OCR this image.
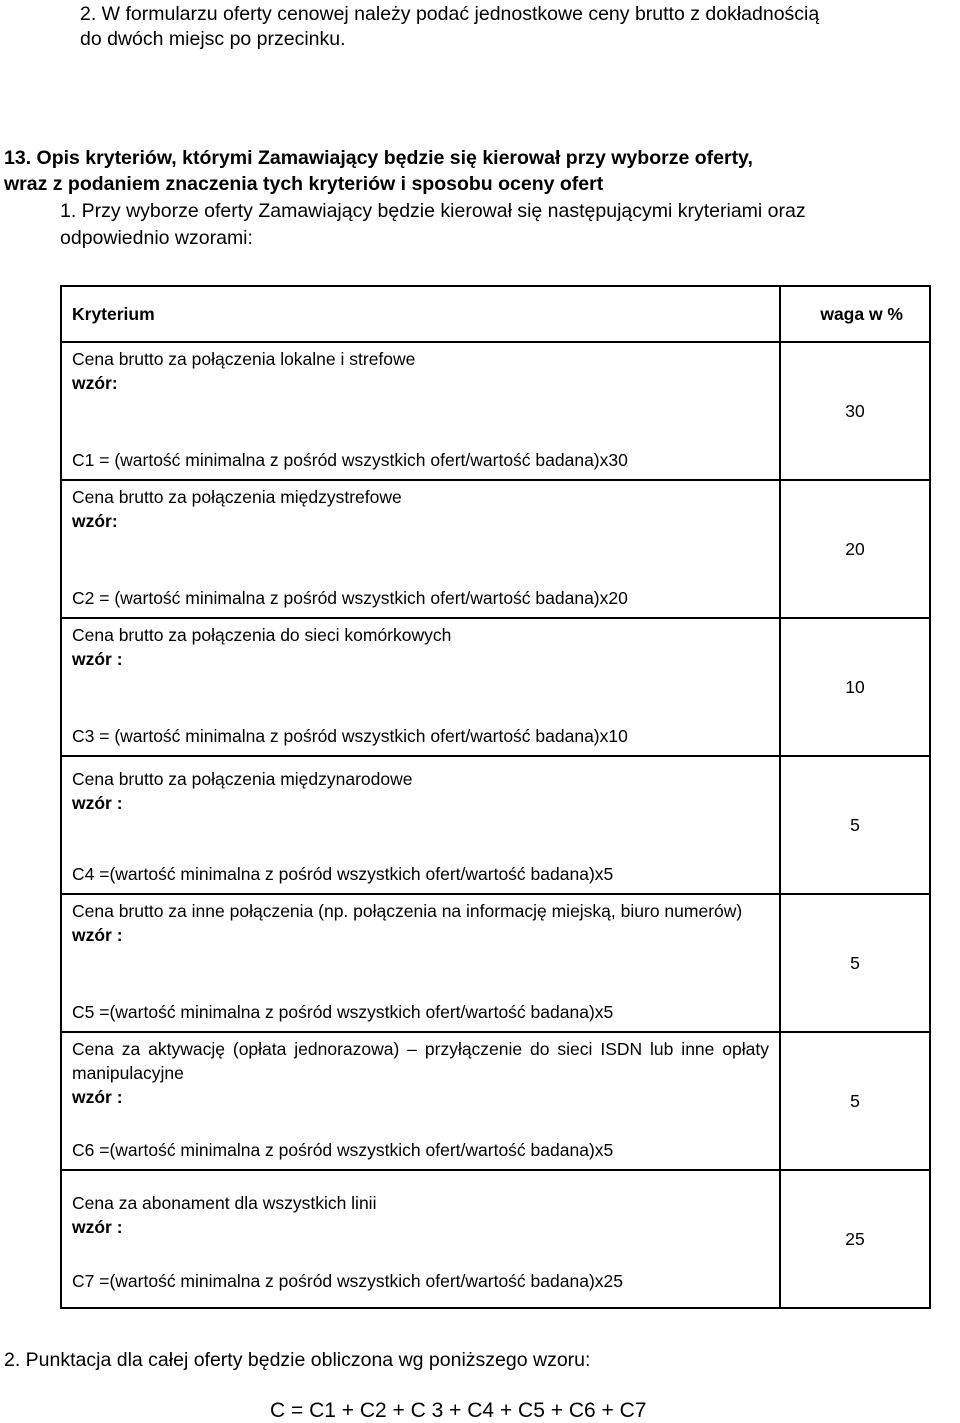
2. W formularzu oferty cenowej należy podać jednostkowe ceny brutto z dokładnością
do dwóch miejsc po przecinku.
13. Opis kryteriów, którymi Zamawiający będzie się kierował przy wyborze oferty,
wraz z podaniem znaczenia tych kryteriów i sposobu oceny ofert
1. Przy wyborze oferty Zamawiający będzie kierował się następującymi kryteriami oraz
odpowiednio wzorami:
Kryterium	waga w %

Cena brutto za połączenia lokalne i strefowe
wzór:
C1 = (wartość minimalna z pośród wszystkich ofert/wartość badana)x30	30

Cena brutto za połączenia międzystrefowe
wzór:
C2 = (wartość minimalna z pośród wszystkich ofert/wartość badana)x20	20

Cena brutto za połączenia do sieci komórkowych
wzór :
C3 = (wartość minimalna z pośród wszystkich ofert/wartość badana)x10	10

Cena brutto za połączenia międzynarodowe
wzór :
C4 =(wartość minimalna z pośród wszystkich ofert/wartość badana)x5	5

Cena brutto za inne połączenia (np. połączenia na informację miejską, biuro numerów)
wzór :
C5 =(wartość minimalna z pośród wszystkich ofert/wartość badana)x5	5

Cena za aktywację (opłata jednorazowa) – przyłączenie do sieci ISDN lub inne opłaty manipulacyjne
wzór :
C6 =(wartość minimalna z pośród wszystkich ofert/wartość badana)x5	5

Cena za abonament dla wszystkich linii
wzór :
C7 =(wartość minimalna z pośród wszystkich ofert/wartość badana)x25	25
2. Punktacja dla całej oferty będzie obliczona wg poniższego wzoru:
C = C1 + C2 + C 3 + C4 + C5 + C6 + C7
